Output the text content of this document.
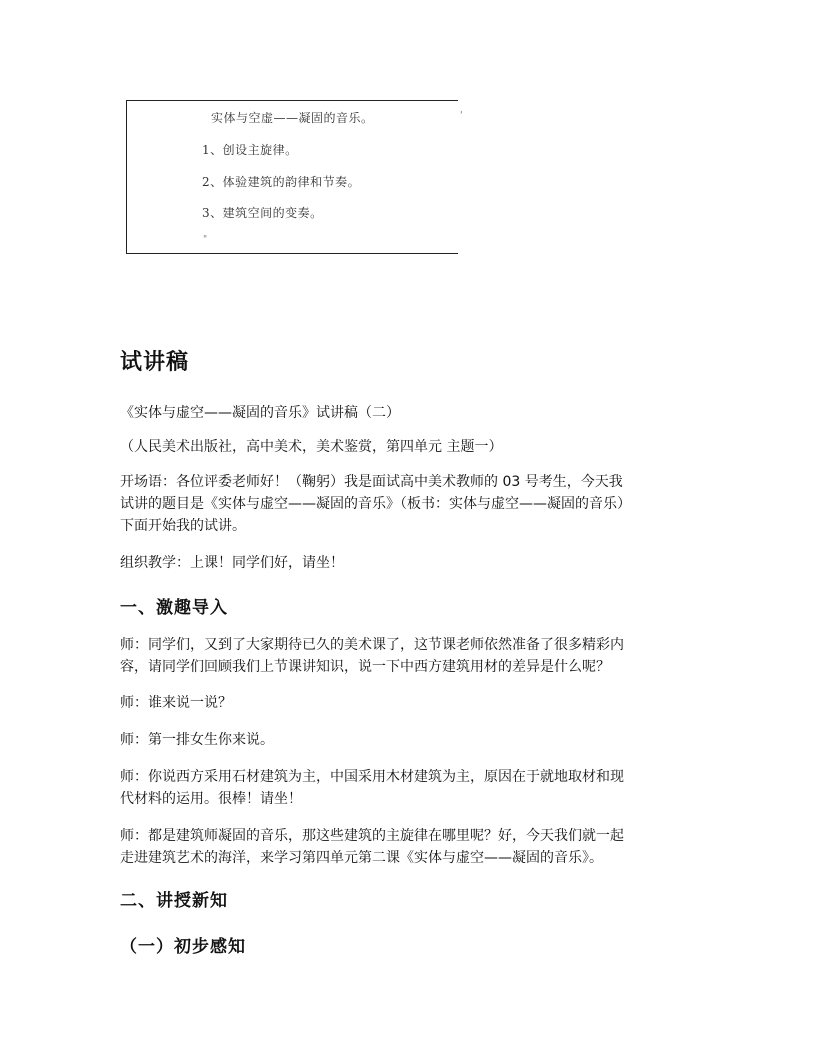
'
实体与空虚——凝固的音乐。
1、创设主旋律。
2、体验建筑的韵律和节奏。
3、建筑空间的变奏。
"
试讲稿

《实体与虚空——凝固的音乐》试讲稿（二）

（人民美术出版社，高中美术，美术鉴赏，第四单元 主题一）

开场语：各位评委老师好！（鞠躬）我是面试高中美术教师的 03 号考生，今天我

试讲的题目是《实体与虚空——凝固的音乐》（板书：实体与虚空——凝固的音乐）

下面开始我的试讲。

组织教学：上课！同学们好，请坐！

一、激趣导入

师：同学们，又到了大家期待已久的美术课了，这节课老师依然准备了很多精彩内

容，请同学们回顾我们上节课讲知识，说一下中西方建筑用材的差异是什么呢？

师：谁来说一说？

师：第一排女生你来说。

师：你说西方采用石材建筑为主，中国采用木材建筑为主，原因在于就地取材和现

代材料的运用。很棒！请坐！

师：都是建筑师凝固的音乐，那这些建筑的主旋律在哪里呢？好，今天我们就一起

走进建筑艺术的海洋，来学习第四单元第二课《实体与虚空——凝固的音乐》。

二、讲授新知
（一）初步感知
